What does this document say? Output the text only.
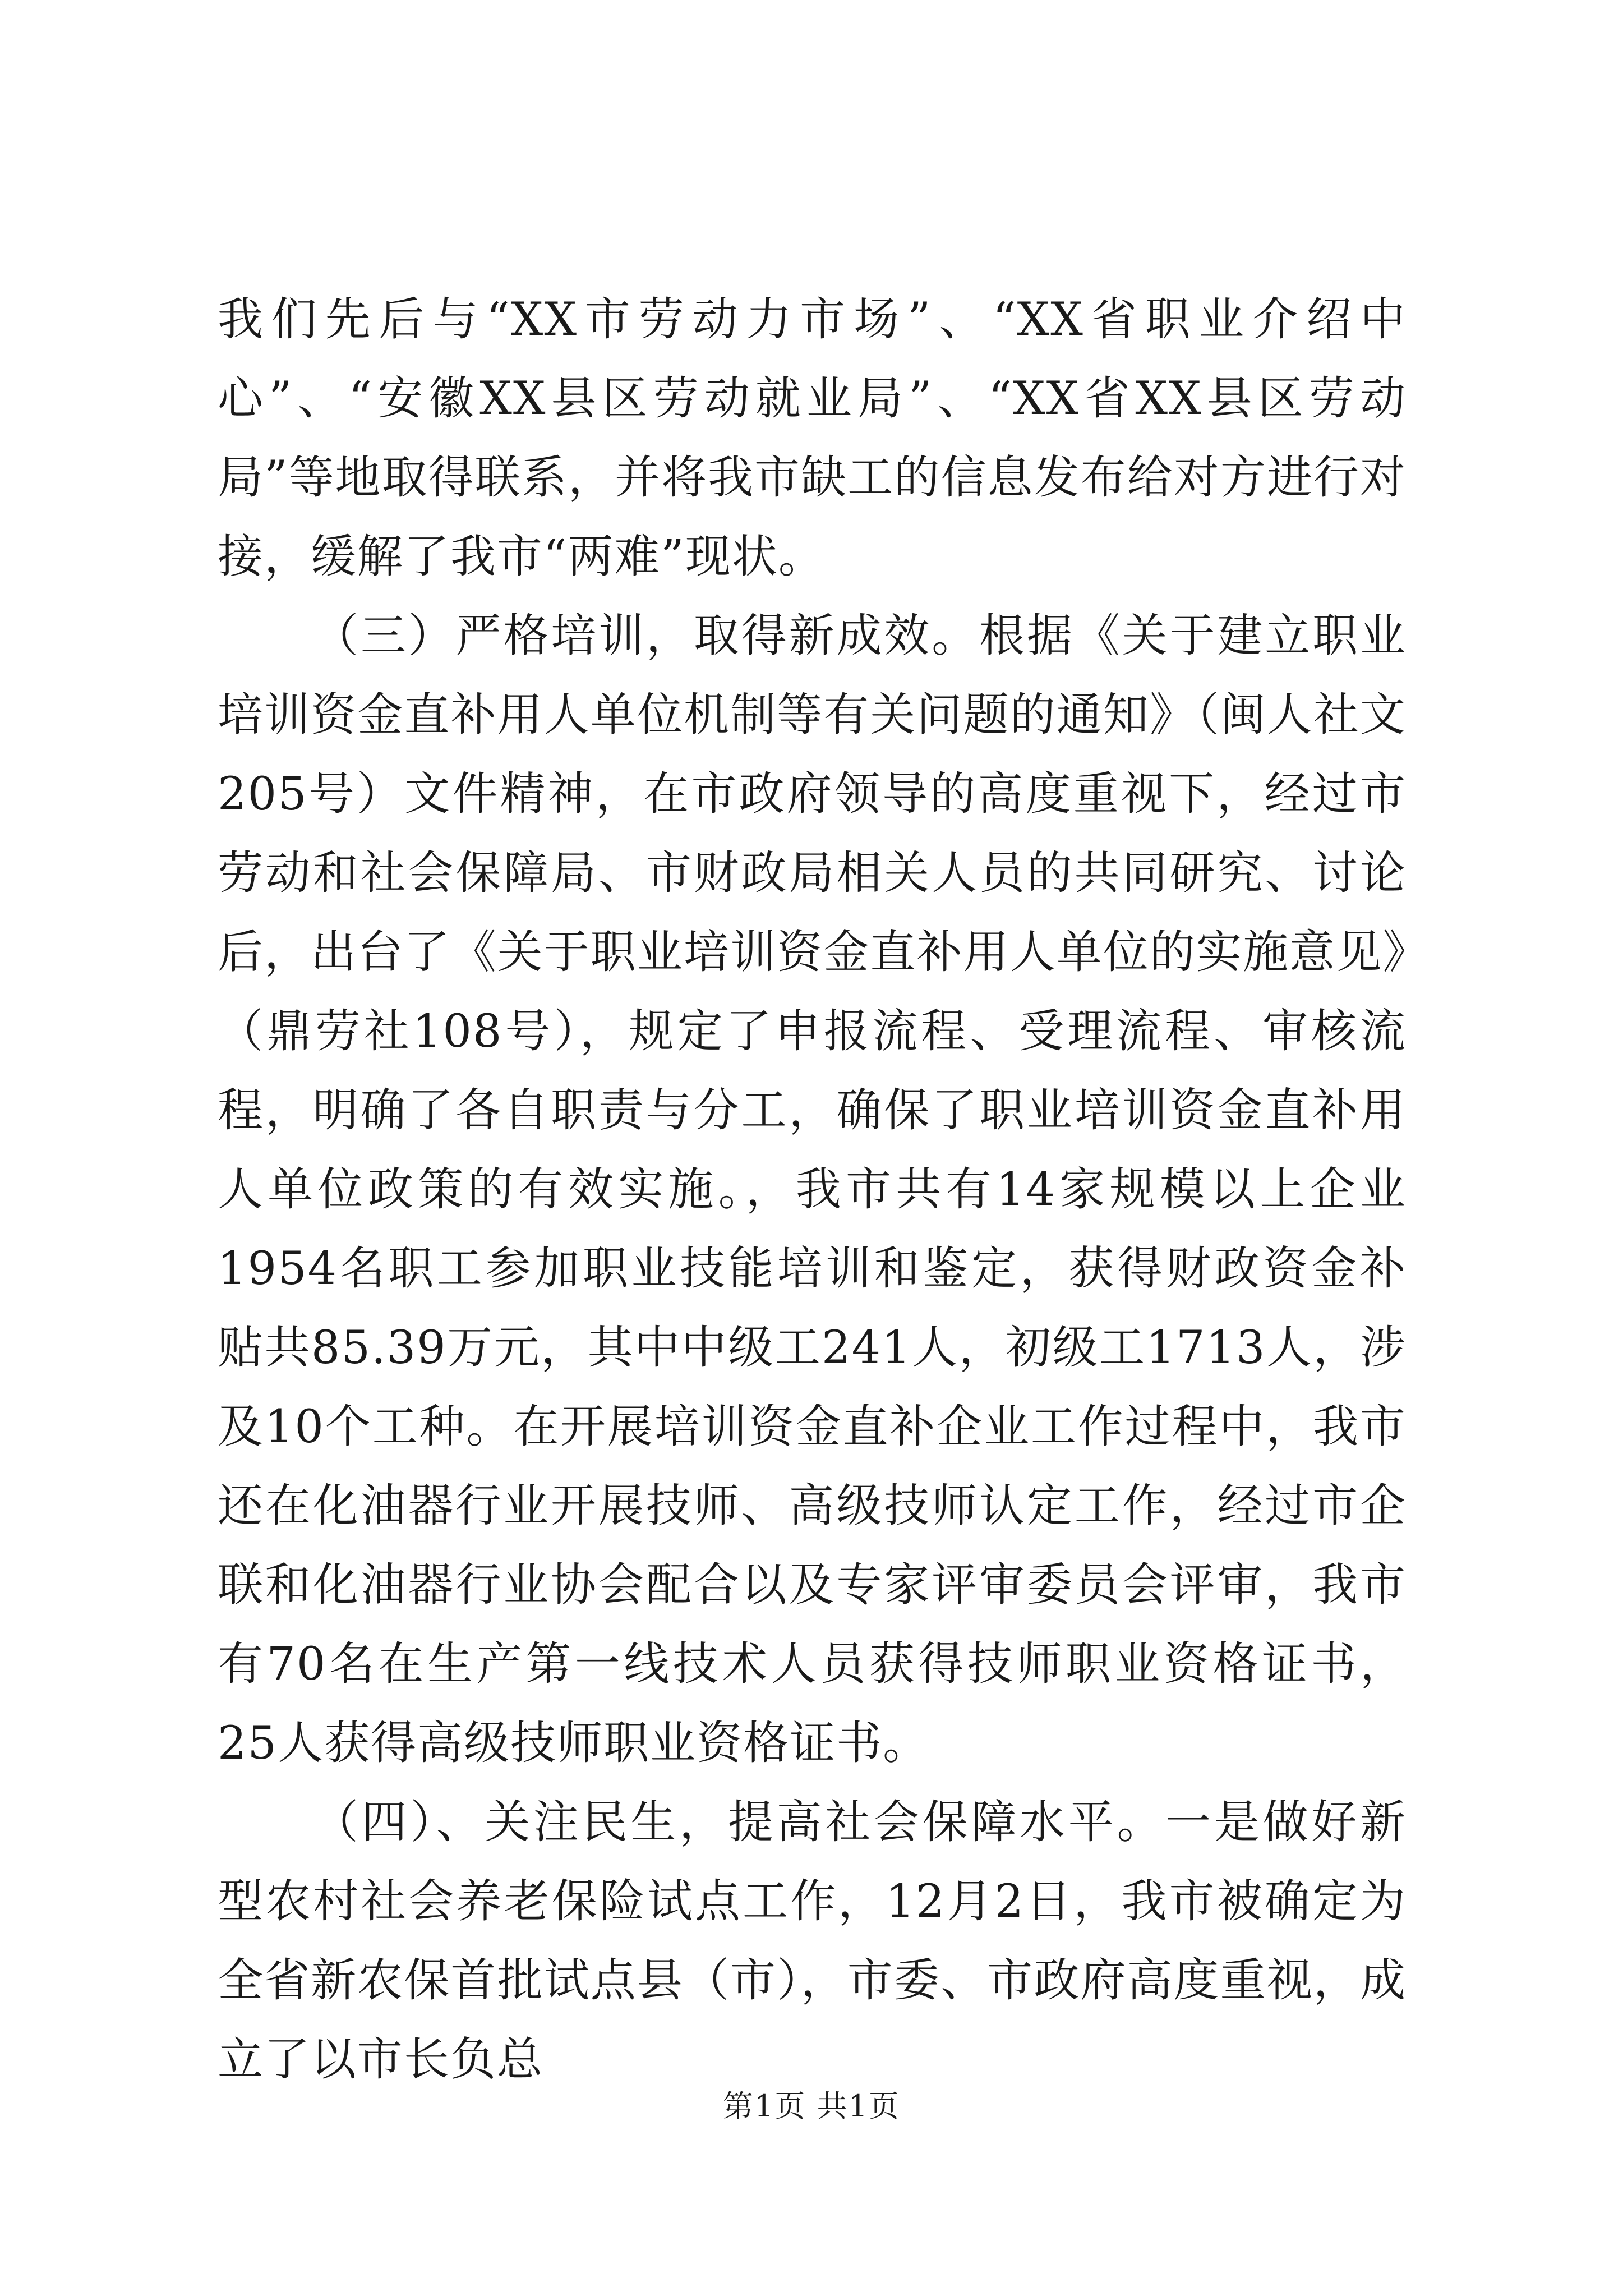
我们先后与“XX市劳动力市场”、“XX省职业介绍中心”、“安徽XX县区劳动就业局”、“XX省XX县区劳动局”等地取得联系，并将我市缺工的信息发布给对方进行对接，缓解了我市“两难”现状。

（三）严格培训，取得新成效。根据《关于建立职业培训资金直补用人单位机制等有关问题的通知》（闽人社文205号）文件精神，在市政府领导的高度重视下，经过市劳动和社会保障局、市财政局相关人员的共同研究、讨论后，出台了《关于职业培训资金直补用人单位的实施意见》（鼎劳社108号），规定了申报流程、受理流程、审核流程，明确了各自职责与分工，确保了职业培训资金直补用人单位政策的有效实施。，我市共有14家规模以上企业1954名职工参加职业技能培训和鉴定，获得财政资金补贴共85.39万元，其中中级工241人，初级工1713人，涉及10个工种。在开展培训资金直补企业工作过程中，我市还在化油器行业开展技师、高级技师认定工作，经过市企联和化油器行业协会配合以及专家评审委员会评审，我市有70名在生产第一线技术人员获得技师职业资格证书，25人获得高级技师职业资格证书。

（四）、关注民生，提高社会保障水平。一是做好新型农村社会养老保险试点工作，12月2日，我市被确定为全省新农保首批试点县（市），市委、市政府高度重视，成立了以市长负总

第1页 共1页
